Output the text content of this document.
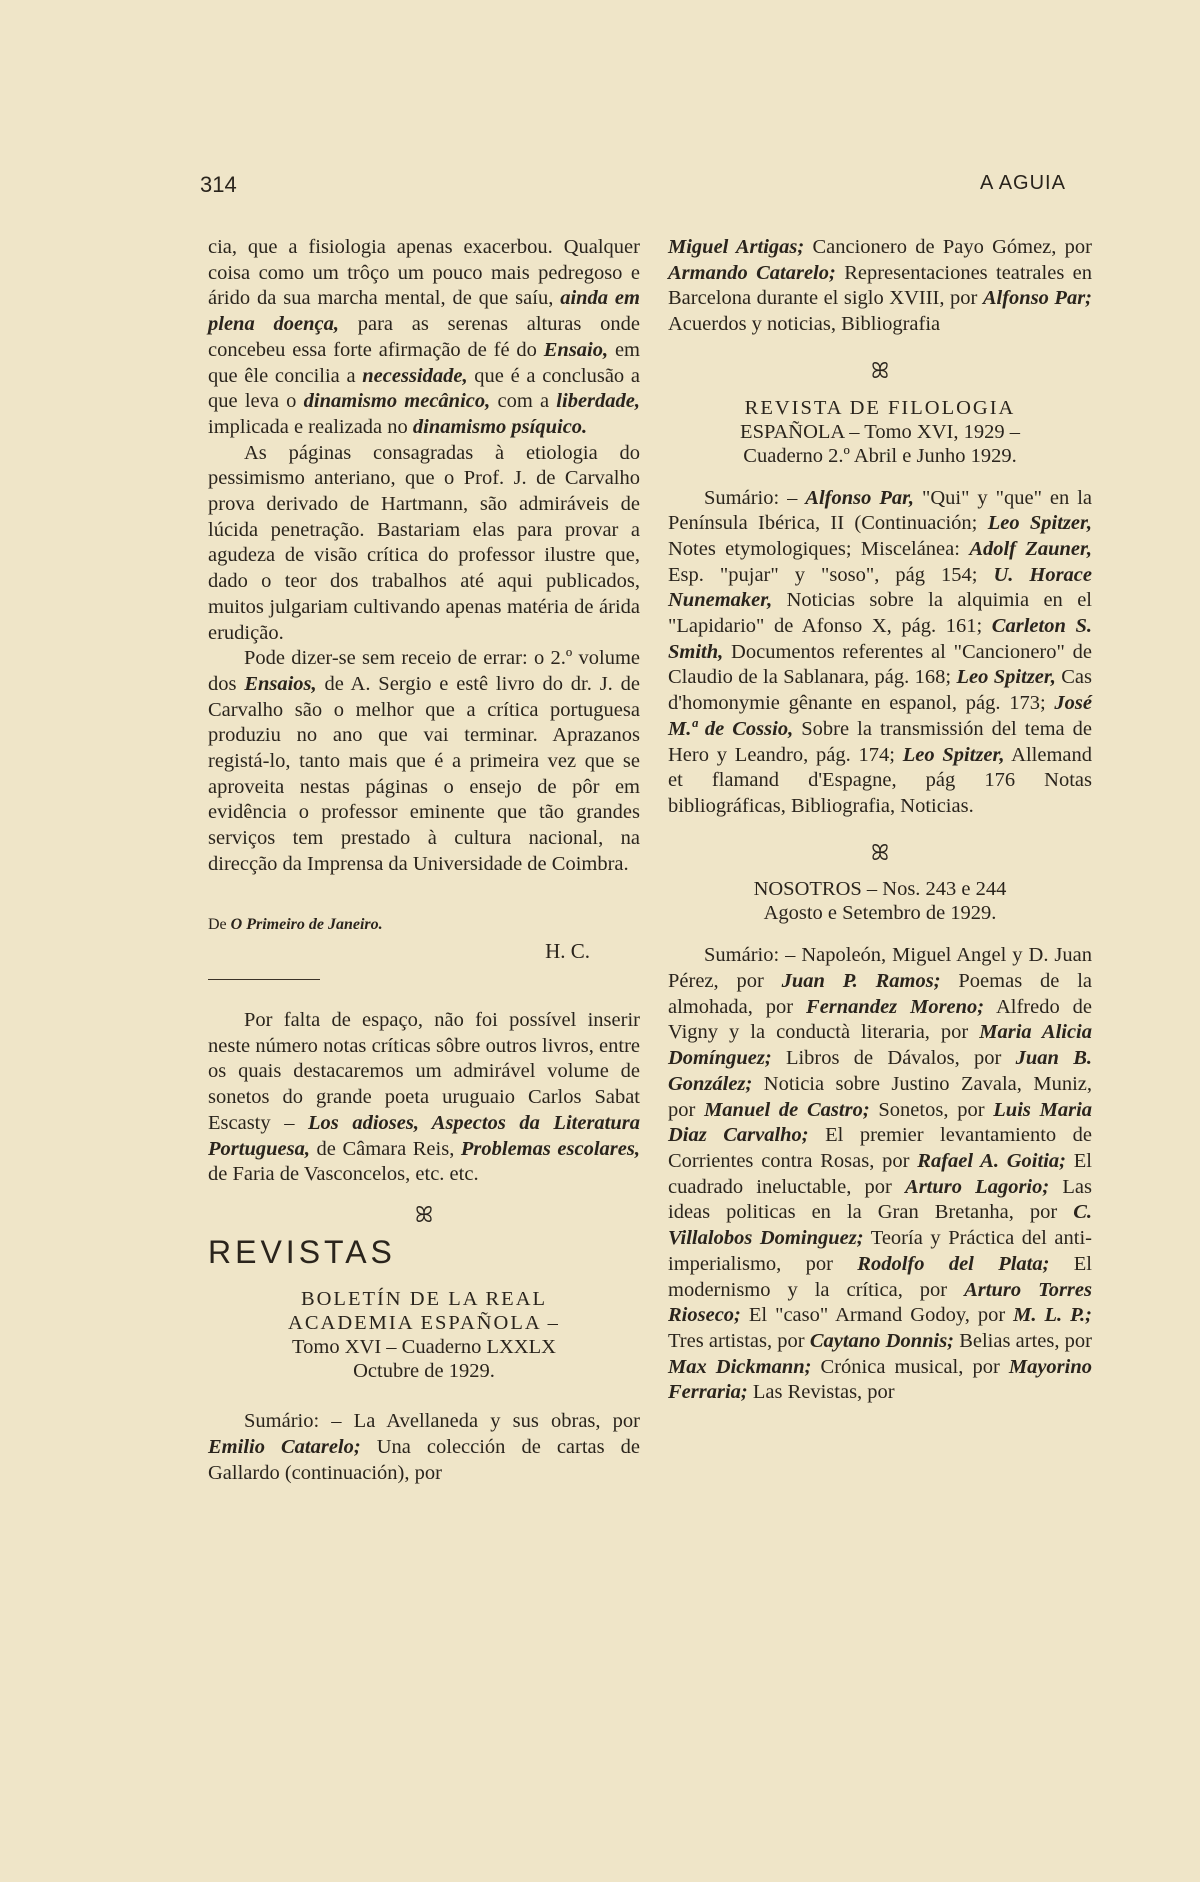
314	A AGUIA

cia, que a fisiologia apenas exacerbou. Qualquer coisa como um trôço um pouco mais pedregoso e árido da sua marcha mental, de que saíu, ainda em plena doença, para as serenas alturas onde concebeu essa forte afirmação de fé do Ensaio, em que êle concilia a necessidade, que é a conclusão a que leva o dinamismo mecânico, com a liberdade, implicada e realizada no dinamismo psíquico.

As páginas consagradas à etiologia do pessimismo anteriano, que o Prof. J. de Carvalho prova derivado de Hartmann, são admiráveis de lúcida penetração. Bastariam elas para provar a agudeza de visão crítica do professor ilustre que, dado o teor dos trabalhos até aqui publicados, muitos julgariam cultivando apenas matéria de árida erudição.

Pode dizer-se sem receio de errar: o 2.º volume dos Ensaios, de A. Sergio e estê livro do dr. J. de Carvalho são o melhor que a crítica portuguesa produziu no ano que vai terminar. Aprazanos registá-lo, tanto mais que é a primeira vez que se aproveita nestas páginas o ensejo de pôr em evidência o professor eminente que tão grandes serviços tem prestado à cultura nacional, na direcção da Imprensa da Universidade de Coimbra.

De O Primeiro de Janeiro.
H. C.

Por falta de espaço, não foi possível inserir neste número notas críticas sôbre outros livros, entre os quais destacaremos um admirável volume de sonetos do grande poeta uruguaio Carlos Sabat Escasty – Los adioses, Aspectos da Literatura Portuguesa, de Câmara Reis, Problemas escolares, de Faria de Vasconcelos, etc. etc.

ꕤ
REVISTAS
BOLETÍN DE LA REAL
ACADEMIA ESPAÑOLA –
Tomo XVI – Cuaderno LXXLX
Octubre de 1929.

Sumário: – La Avellaneda y sus obras, por Emilio Catarelo; Una colección de cartas de Gallardo (continuación), por

Miguel Artigas; Cancionero de Payo Gómez, por Armando Catarelo; Representaciones teatrales en Barcelona durante el siglo XVIII, por Alfonso Par; Acuerdos y noticias, Bibliografia

ꕤ
REVISTA DE FILOLOGIA
ESPAÑOLA – Tomo XVI, 1929 –
Cuaderno 2.º Abril e Junho 1929.

Sumário: – Alfonso Par, "Qui" y "que" en la Península Ibérica, II (Continuación; Leo Spitzer, Notes etymologiques; Miscelánea: Adolf Zauner, Esp. "pujar" y "soso", pág 154; U. Horace Nunemaker, Noticias sobre la alquimia en el "Lapidario" de Afonso X, pág. 161; Carleton S. Smith, Documentos referentes al "Cancionero" de Claudio de la Sablanara, pág. 168; Leo Spitzer, Cas d'homonymie gênante en espanol, pág. 173; José M.ª de Cossio, Sobre la transmissión del tema de Hero y Leandro, pág. 174; Leo Spitzer, Allemand et flamand d'Espagne, pág 176 Notas bibliográficas, Bibliografia, Noticias.

ꕤ
NOSOTROS – Nos. 243 e 244
Agosto e Setembro de 1929.

Sumário: – Napoleón, Miguel Angel y D. Juan Pérez, por Juan P. Ramos; Poemas de la almohada, por Fernandez Moreno; Alfredo de Vigny y la conductà literaria, por Maria Alicia Domínguez; Libros de Dávalos, por Juan B. González; Noticia sobre Justino Zavala, Muniz, por Manuel de Castro; Sonetos, por Luis Maria Diaz Carvalho; El premier levantamiento de Corrientes contra Rosas, por Rafael A. Goitia; El cuadrado ineluctable, por Arturo Lagorio; Las ideas politicas en la Gran Bretanha, por C. Villalobos Dominguez; Teoría y Práctica del anti-imperialismo, por Rodolfo del Plata; El modernismo y la crítica, por Arturo Torres Rioseco; El "caso" Armand Godoy, por M. L. P.; Tres artistas, por Caytano Donnis; Belias artes, por Max Dickmann; Crónica musical, por Mayorino Ferraria; Las Revistas, por
